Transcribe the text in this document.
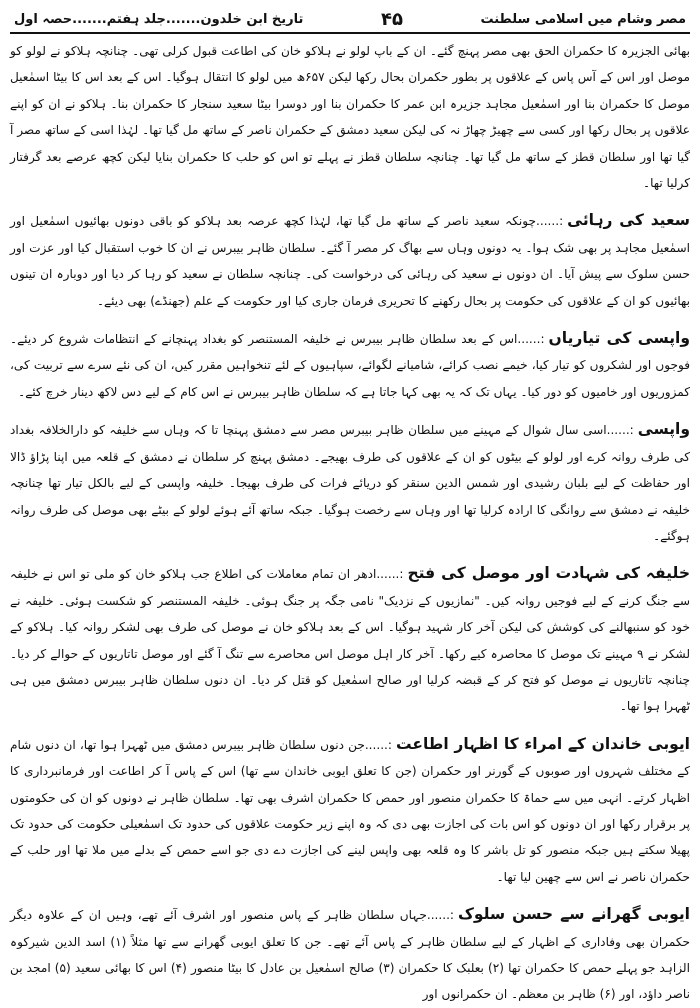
مصر وشام میں اسلامی سلطنت
۴۵
تاریخ ابن خلدون.......جلد ہفتم.......حصہ اول

بھائی الجزیرہ کا حکمران الحق بھی مصر پہنچ گئے۔ ان کے باپ لولو نے ہلاکو خان کی اطاعت قبول کرلی تھی۔ چنانچہ ہلاکو نے لولو کو موصل اور اس کے آس پاس کے علاقوں پر بطور حکمران بحال رکھا لیکن ۶۵۷ھ میں لولو کا انتقال ہوگیا۔ اس کے بعد اس کا بیٹا اسمٰعیل موصل کا حکمران بنا اور اسمٰعیل مجاہد جزیرہ ابن عمر کا حکمران بنا اور دوسرا بیٹا سعید سنجار کا حکمران بنا۔ ہلاکو نے ان کو اپنے علاقوں پر بحال رکھا اور کسی سے چھیڑ چھاڑ نہ کی لیکن سعید دمشق کے حکمران ناصر کے ساتھ مل گیا تھا۔ لہٰذا اسی کے ساتھ مصر آ گیا تھا اور سلطان قطز کے ساتھ مل گیا تھا۔ چنانچہ سلطان قطز نے پہلے تو اس کو حلب کا حکمران بنایا لیکن کچھ عرصے بعد گرفتار کرلیا تھا۔

سعید کی رہائی:......چونکہ سعید ناصر کے ساتھ مل گیا تھا، لہٰذا کچھ عرصہ بعد ہلاکو کو باقی دونوں بھائیوں اسمٰعیل اور اسمٰعیل مجاہد پر بھی شک ہوا۔ یہ دونوں وہاں سے بھاگ کر مصر آ گئے۔ سلطان ظاہر بیبرس نے ان کا خوب استقبال کیا اور عزت اور حسن سلوک سے پیش آیا۔ ان دونوں نے سعید کی رہائی کی درخواست کی۔ چنانچہ سلطان نے سعید کو رہا کر دیا اور دوبارہ ان تینوں بھائیوں کو ان کے علاقوں کی حکومت پر بحال رکھنے کا تحریری فرمان جاری کیا اور حکومت کے علم (جھنڈے) بھی دیئے۔

واپسی کی تیاریاں:......اس کے بعد سلطان ظاہر بیبرس نے خلیفہ المستنصر کو بغداد پہنچانے کے انتظامات شروع کر دیئے۔ فوجوں اور لشکروں کو تیار کیا، خیمے نصب کرائے، شامیانے لگوائے، سپاہیوں کے لئے تنخواہیں مقرر کیں، ان کی نئے سرے سے تربیت کی، کمزوریوں اور خامیوں کو دور کیا۔ یہاں تک کہ یہ بھی کہا جاتا ہے کہ سلطان ظاہر بیبرس نے اس کام کے لیے دس لاکھ دینار خرچ کئے۔

واپسی:......اسی سال شوال کے مہینے میں سلطان ظاہر بیبرس مصر سے دمشق پہنچا تا کہ وہاں سے خلیفہ کو دارالخلافہ بغداد کی طرف روانہ کرے اور لولو کے بیٹوں کو ان کے علاقوں کی طرف بھیجے۔ دمشق پہنچ کر سلطان نے دمشق کے قلعہ میں اپنا پڑاؤ ڈالا اور حفاظت کے لیے بلبان رشیدی اور شمس الدین سنقر کو دریائے فرات کی طرف بھیجا۔ خلیفہ واپسی کے لیے بالکل تیار تھا چنانچہ خلیفہ نے دمشق سے روانگی کا ارادہ کرلیا تھا اور وہاں سے رخصت ہوگیا۔ جبکہ ساتھ آئے ہوئے لولو کے بیٹے بھی موصل کی طرف روانہ ہوگئے۔

خلیفہ کی شہادت اور موصل کی فتح:......ادھر ان تمام معاملات کی اطلاع جب ہلاکو خان کو ملی تو اس نے خلیفہ سے جنگ کرنے کے لیے فوجیں روانہ کیں۔ "نمازیوں کے نزدیک" نامی جگہ پر جنگ ہوئی۔ خلیفہ المستنصر کو شکست ہوئی۔ خلیفہ نے خود کو سنبھالنے کی کوشش کی لیکن آخر کار شہید ہوگیا۔ اس کے بعد ہلاکو خان نے موصل کی طرف بھی لشکر روانہ کیا۔ ہلاکو کے لشکر نے ۹ مہینے تک موصل کا محاصرہ کیے رکھا۔ آخر کار اہل موصل اس محاصرے سے تنگ آ گئے اور موصل تاتاریوں کے حوالے کر دیا۔ چنانچہ تاتاریوں نے موصل کو فتح کر کے قبضہ کرلیا اور صالح اسمٰعیل کو قتل کر دیا۔ ان دنوں سلطان ظاہر بیبرس دمشق میں ہی ٹھہرا ہوا تھا۔

ایوبی خاندان کے امراء کا اظہار اطاعت:......جن دنوں سلطان ظاہر بیبرس دمشق میں ٹھہرا ہوا تھا، ان دنوں شام کے مختلف شہروں اور صوبوں کے گورنر اور حکمران (جن کا تعلق ایوبی خاندان سے تھا) اس کے پاس آ کر اطاعت اور فرمانبرداری کا اظہار کرتے۔ انہی میں سے حماۃ کا حکمران منصور اور حمص کا حکمران اشرف بھی تھا۔ سلطان ظاہر نے دونوں کو ان کی حکومتوں پر برقرار رکھا اور ان دونوں کو اس بات کی اجازت بھی دی کہ وہ اپنے زیر حکومت علاقوں کی حدود تک اسمٰعیلی حکومت کی حدود تک پھیلا سکتے ہیں جبکہ منصور کو تل باشر کا وہ قلعہ بھی واپس لینے کی اجازت دے دی جو اسے حمص کے بدلے میں ملا تھا اور حلب کے حکمران ناصر نے اس سے چھین لیا تھا۔

ایوبی گھرانے سے حسن سلوک:......جہاں سلطان ظاہر کے پاس منصور اور اشرف آئے تھے، وہیں ان کے علاوہ دیگر حکمران بھی وفاداری کے اظہار کے لیے سلطان ظاہر کے پاس آئے تھے۔ جن کا تعلق ایوبی گھرانے سے تھا مثلاً (۱) اسد الدین شیرکوہ الزاہد جو پہلے حمص کا حکمران تھا (۲) بعلبک کا حکمران (۳) صالح اسمٰعیل بن عادل کا بیٹا منصور (۴) اس کا بھائی سعید (۵) امجد بن ناصر داؤد، اور (۶) ظاہر بن معظم۔ ان حکمرانوں اور
